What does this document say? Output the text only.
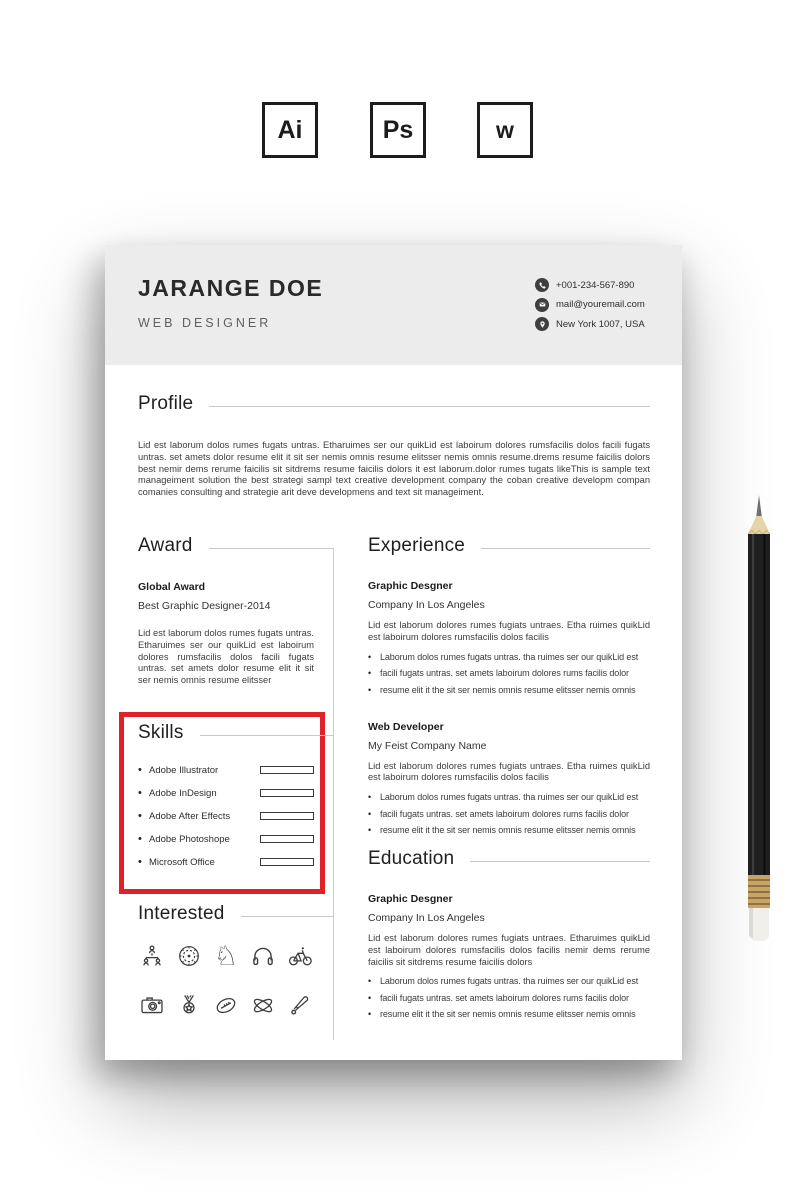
Ai	Ps	w
JARANGE DOE

WEB DESIGNER

+001-234-567-890
mail@youremail.com
New York 1007, USA
Profile

Lid est laborum dolos rumes fugats untras. Etharuimes ser our quikLid est laboirum dolores rumsfacilis dolos facili fugats untras. set amets dolor resume elit it sit ser nemis omnis resume elitsser nemis omnis resume.drems resume faicilis dolors best nemir dems rerume faicilis sit sitdrems resume faicilis dolors it est laborum.dolor rumes tugats likeThis is sample text manageiment solution the best strategi sampl text creative development company the coban creative developm compan comanies consulting and strategie arit deve developmens and text sit manageiment.

Award

Global Award

Best Graphic Designer-2014

Lid est laborum dolos rumes fugats untras. Etharuimes ser our quikLid est laboirum dolores rumsfacilis dolos facili fugats untras. set amets dolor resume elit it sit ser nemis omnis resume elitsser

Skills
• Adobe Illustrator
• Adobe InDesign
• Adobe After Effects
• Adobe Photoshope
• Microsoft Office
Interested
♘
Experience

Graphic Desgner

Company In Los Angeles

Lid est laborum dolores rumes fugiats untraes. Etha ruimes quikLid est laboirum dolores rumsfacilis dolos facilis

• Laborum dolos rumes fugats untras. tha ruimes ser our quikLid est
• facili fugats untras. set amets laboirum dolores rums facilis dolor
• resume elit it the sit ser nemis omnis resume elitsser nemis omnis

Web Developer

My Feist Company Name

Lid est laborum dolores rumes fugiats untraes. Etha ruimes quikLid est laboirum dolores rumsfacilis dolos facilis

• Laborum dolos rumes fugats untras. tha ruimes ser our quikLid est
• facili fugats untras. set amets laboirum dolores rums facilis dolor
• resume elit it the sit ser nemis omnis resume elitsser nemis omnis
Education

Graphic Desgner

Company In Los Angeles

Lid est laborum dolores rumes fugiats untraes. Etharuimes quikLid est laboirum dolores rumsfacilis dolos facilis nemir dems rerume faicilis sit sitdrems resume faicilis dolors

• Laborum dolos rumes fugats untras. tha ruimes ser our quikLid est
• facili fugats untras. set amets laboirum dolores rums facilis dolor
• resume elit it the sit ser nemis omnis resume elitsser nemis omnis
